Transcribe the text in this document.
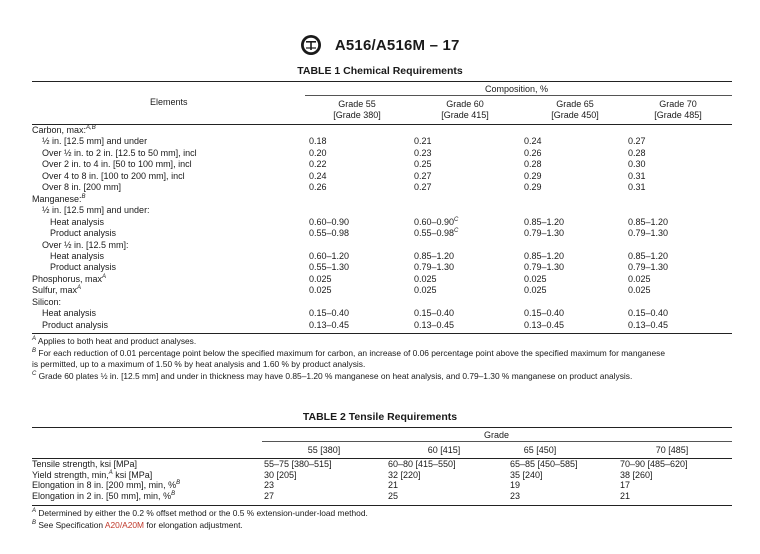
A516/A516M – 17
TABLE 1 Chemical Requirements
Elements
Composition, %
Grade 55
[Grade 380]
Grade 60
[Grade 415]
Grade 65
[Grade 450]
Grade 70
[Grade 485]
Carbon, max:$^{A,B}$
½ in. [12.5 mm] and under	0.18	0.21	0.24	0.27
Over ½ in. to 2 in. [12.5 to 50 mm], incl	0.20	0.23	0.26	0.28
Over 2 in. to 4 in. [50 to 100 mm], incl	0.22	0.25	0.28	0.30
Over 4 to 8 in. [100 to 200 mm], incl	0.24	0.27	0.29	0.31
Over 8 in. [200 mm]	0.26	0.27	0.29	0.31
Manganese:$^B$
½ in. [12.5 mm] and under:
Heat analysis	0.60–0.90	$0.60-0.90^C$	0.85–1.20	0.85–1.20
Product analysis	0.55–0.98	$0.55-0.98^C$	0.79–1.30	0.79–1.30
Over ½ in. [12.5 mm]:
Heat analysis	0.60–1.20	0.85–1.20	0.85–1.20	0.85–1.20
Product analysis	0.55–1.30	0.79–1.30	0.79–1.30	0.79–1.30
Phosphorus, $\max^A$	0.025	0.025	0.025	0.025
Sulfur, $\max^A$	0.025	0.025	0.025	0.025
Silicon:
Heat analysis	0.15–0.40	0.15–0.40	0.15–0.40	0.15–0.40
Product analysis	0.13–0.45	0.13–0.45	0.13–0.45	0.13–0.45
$^A$ Applies to both heat and product analyses.
$^B$ For each reduction of 0.01 percentage point below the specified maximum for carbon, an increase of 0.06 percentage point above the specified maximum for manganese
is permitted, up to a maximum of 1.50 % by heat analysis and 1.60 % by product analysis.
$^C$ Grade 60 plates ½ in. [12.5 mm] and under in thickness may have 0.85–1.20 % manganese on heat analysis, and 0.79–1.30 % manganese on product analysis.
TABLE 2 Tensile Requirements
Grade
55 [380]	60 [415]	65 [450]	70 [485]
Tensile strength, ksi [MPa]	55–75 [380–515]	60–80 [415–550]	65–85 [450–585]	70–90 [485–620]
Yield strength, min,$^A$ ksi [MPa]	30 [205]	32 [220]	35 [240]	38 [260]
Elongation in 8 in. [200 mm], min, %$^B$	23	21	19	17
Elongation in 2 in. [50 mm], min, %$^B$	27	25	23	21
$^A$ Determined by either the 0.2 % offset method or the 0.5 % extension-under-load method.
$^B$ See Specification A20/A20M for elongation adjustment.
